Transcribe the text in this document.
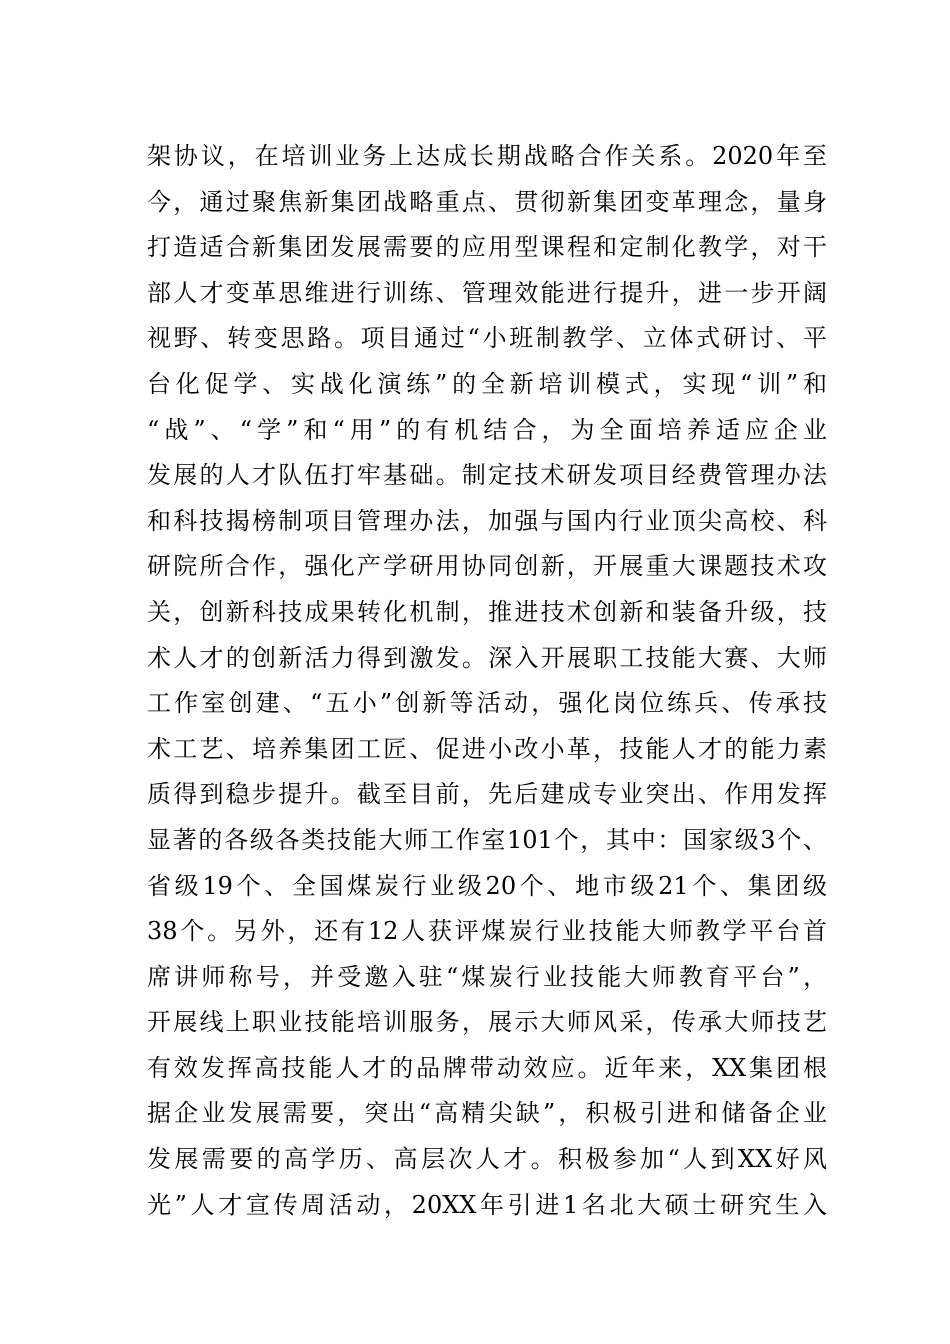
架协议，在培训业务上达成长期战略合作关系。2020年至
今，通过聚焦新集团战略重点、贯彻新集团变革理念，量身
打造适合新集团发展需要的应用型课程和定制化教学，对干
部人才变革思维进行训练、管理效能进行提升，进一步开阔
视野、转变思路。项目通过“小班制教学、立体式研讨、平
台化促学、实战化演练”的全新培训模式，实现“训”和
“战”、“学”和“用”的有机结合，为全面培养适应企业
发展的人才队伍打牢基础。制定技术研发项目经费管理办法
和科技揭榜制项目管理办法，加强与国内行业顶尖高校、科
研院所合作，强化产学研用协同创新，开展重大课题技术攻
关，创新科技成果转化机制，推进技术创新和装备升级，技
术人才的创新活力得到激发。深入开展职工技能大赛、大师
工作室创建、“五小”创新等活动，强化岗位练兵、传承技
术工艺、培养集团工匠、促进小改小革，技能人才的能力素
质得到稳步提升。截至目前，先后建成专业突出、作用发挥
显著的各级各类技能大师工作室101个，其中：国家级3个、
省级19个、全国煤炭行业级20个、地市级21个、集团级
38个。另外，还有12人获评煤炭行业技能大师教学平台首
席讲师称号，并受邀入驻“煤炭行业技能大师教育平台”，
开展线上职业技能培训服务，展示大师风采，传承大师技艺
有效发挥高技能人才的品牌带动效应。近年来，XX集团根
据企业发展需要，突出“高精尖缺”，积极引进和储备企业
发展需要的高学历、高层次人才。积极参加“人到XX好风
光”人才宣传周活动，20XX年引进1名北大硕士研究生入
